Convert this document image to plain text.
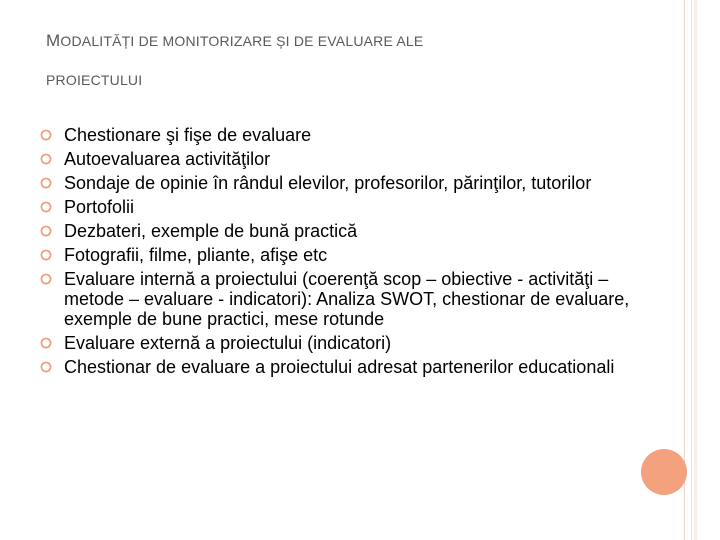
MODALITĂȚI DE MONITORIZARE ȘI DE EVALUARE ALE
PROIECTULUI
Chestionare şi fişe de evaluare
Autoevaluarea activităţilor
Sondaje de opinie în rândul elevilor, profesorilor, părinţilor, tutorilor
Portofolii
Dezbateri, exemple de bună practică
Fotografii, filme, pliante, afişe etc
Evaluare internă a proiectului (coerenţă scop – obiective - activităţi – metode – evaluare - indicatori): Analiza SWOT, chestionar de evaluare, exemple de bune practici, mese rotunde
Evaluare externă a proiectului (indicatori)
Chestionar de evaluare a proiectului adresat partenerilor educationali
